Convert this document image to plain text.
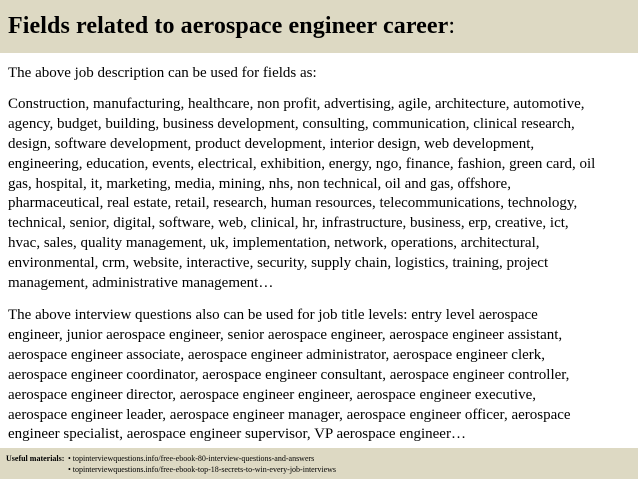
Fields related to aerospace engineer career:

The above job description can be used for fields as:

Construction, manufacturing, healthcare, non profit, advertising, agile, architecture, automotive,
agency, budget, building, business development, consulting, communication, clinical research,
design, software development, product development, interior design, web development,
engineering, education, events, electrical, exhibition, energy, ngo, finance, fashion, green card, oil
gas, hospital, it, marketing, media, mining, nhs, non technical, oil and gas, offshore,
pharmaceutical, real estate, retail, research, human resources, telecommunications, technology,
technical, senior, digital, software, web, clinical, hr, infrastructure, business, erp, creative, ict,
hvac, sales, quality management, uk, implementation, network, operations, architectural,
environmental, crm, website, interactive, security, supply chain, logistics, training, project
management, administrative management…

The above interview questions also can be used for job title levels: entry level aerospace
engineer, junior aerospace engineer, senior aerospace engineer, aerospace engineer assistant,
aerospace engineer associate, aerospace engineer administrator, aerospace engineer clerk,
aerospace engineer coordinator, aerospace engineer consultant, aerospace engineer controller,
aerospace engineer director, aerospace engineer engineer, aerospace engineer executive,
aerospace engineer leader, aerospace engineer manager, aerospace engineer officer, aerospace
engineer specialist, aerospace engineer supervisor, VP aerospace engineer…

Useful materials: • topinterviewquestions.info/free-ebook-80-interview-questions-and-answers
• topinterviewquestions.info/free-ebook-top-18-secrets-to-win-every-job-interviews
